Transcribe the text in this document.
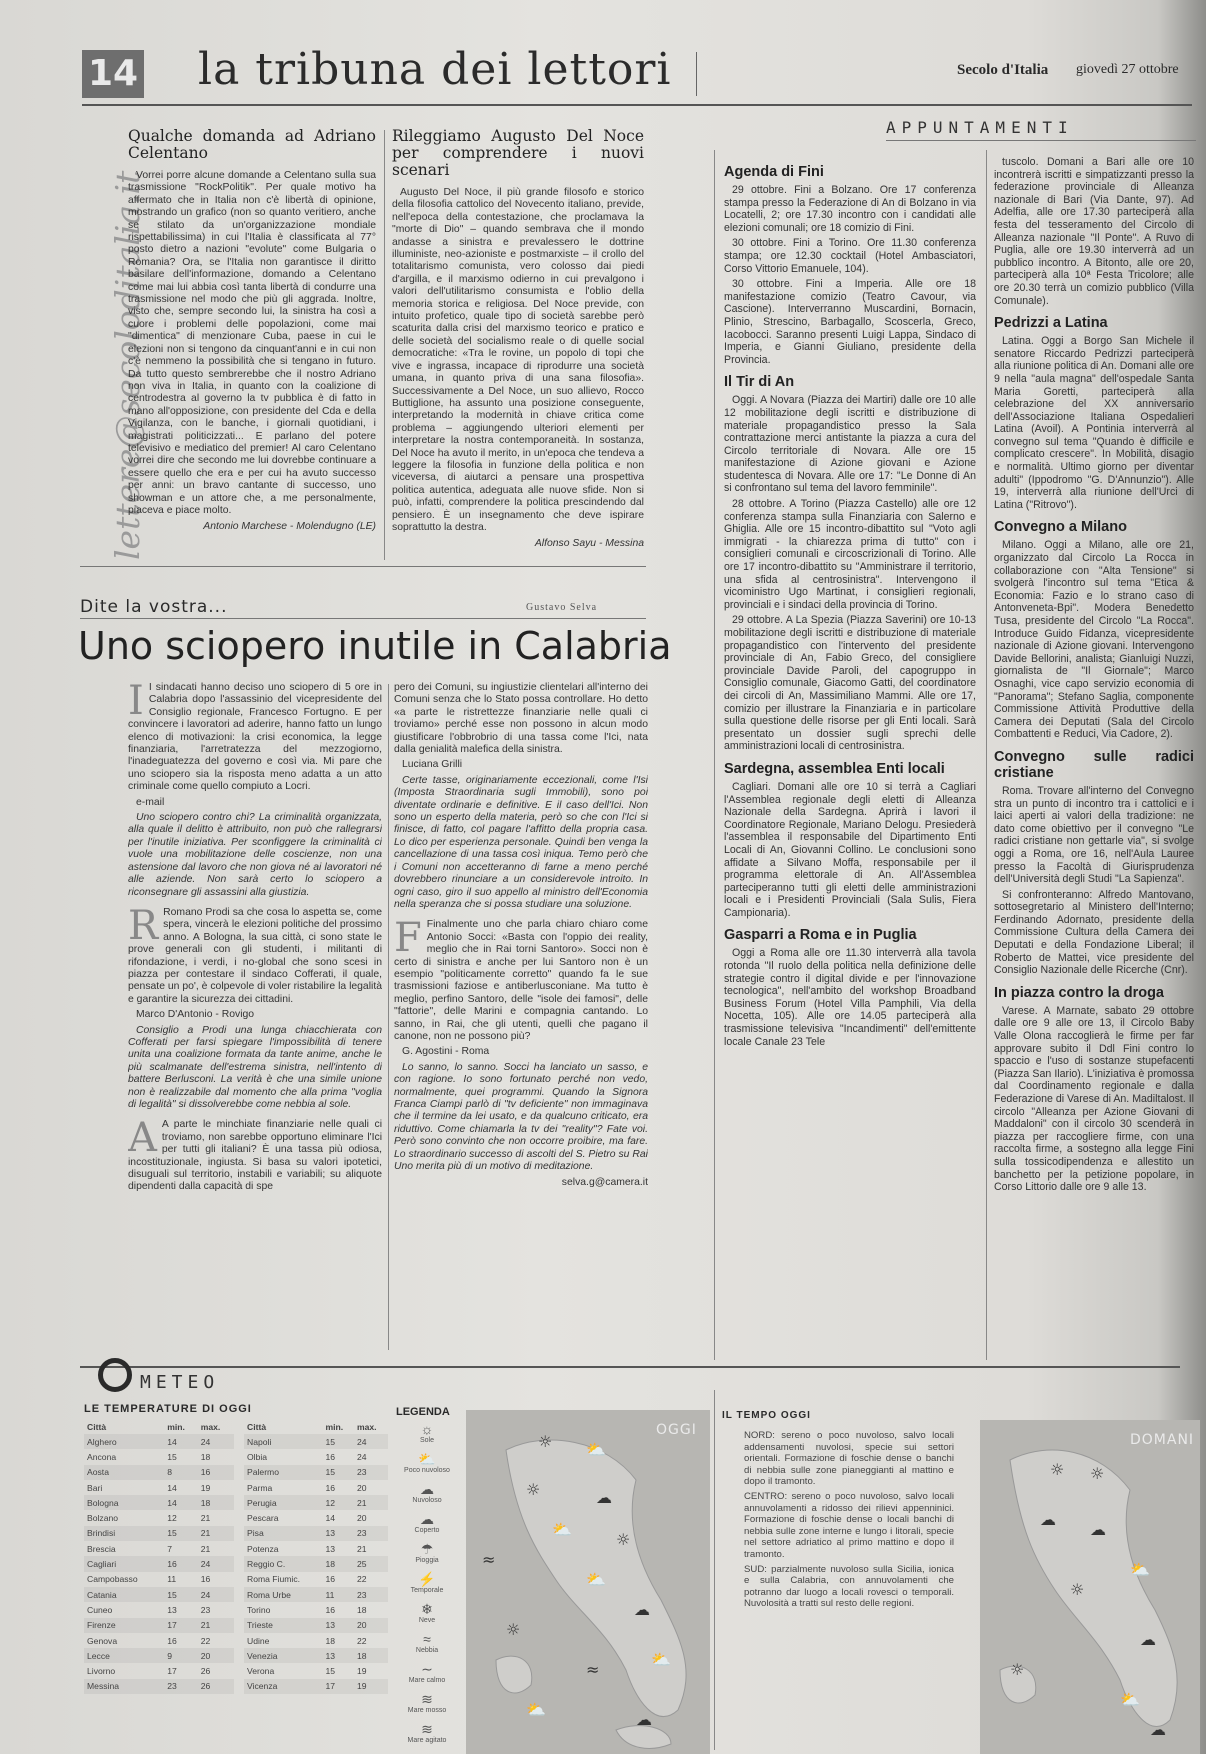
14 la tribuna dei lettori	Secolo d'Italia giovedì 27 ottobre
lettere@secoloditalia.it
Qualche domanda ad Adriano Celentano

Vorrei porre alcune domande a Celentano sulla sua trasmissione "RockPolitik". Per quale motivo ha affermato che in Italia non c'è libertà di opinione, mostrando un grafico (non so quanto veritiero, anche se stilato da un'organizzazione mondiale rispettabilissima) in cui l'Italia è classificata al 77° posto dietro a nazioni "evolute" come Bulgaria o Romania? Ora, se l'Italia non garantisce il diritto basilare dell'informazione, domando a Celentano come mai lui abbia così tanta libertà di condurre una trasmissione nel modo che più gli aggrada. Inoltre, visto che, sempre secondo lui, la sinistra ha così a cuore i problemi delle popolazioni, come mai "dimentica" di menzionare Cuba, paese in cui le elezioni non si tengono da cinquant'anni e in cui non c'è nemmeno la possibilità che si tengano in futuro. Da tutto questo sembrerebbe che il nostro Adriano non viva in Italia, in quanto con la coalizione di centrodestra al governo la tv pubblica è di fatto in mano all'opposizione, con presidente del Cda e della Vigilanza, con le banche, i giornali quotidiani, i magistrati politicizzati... E parlano del potere televisivo e mediatico del premier! Al caro Celentano vorrei dire che secondo me lui dovrebbe continuare a essere quello che era e per cui ha avuto successo per anni: un bravo cantante di successo, uno showman e un attore che, a me personalmente, piaceva e piace molto.

Antonio Marchese - Molendugno (LE)
Rileggiamo Augusto Del Noce per comprendere i nuovi scenari

Augusto Del Noce, il più grande filosofo e storico della filosofia cattolico del Novecento italiano, previde, nell'epoca della contestazione, che proclamava la "morte di Dio" – quando sembrava che il mondo andasse a sinistra e prevalessero le dottrine illuministe, neo-azioniste e postmarxiste – il crollo del totalitarismo comunista, vero colosso dai piedi d'argilla, e il marxismo odierno in cui prevalgono i valori dell'utilitarismo consumista e l'oblio della memoria storica e religiosa. Del Noce previde, con intuito profetico, quale tipo di società sarebbe però scaturita dalla crisi del marxismo teorico e pratico e delle società del socialismo reale o di quelle social democratiche: «Tra le rovine, un popolo di topi che vive e ingrassa, incapace di riprodurre una società umana, in quanto priva di una sana filosofia». Successivamente a Del Noce, un suo allievo, Rocco Buttiglione, ha assunto una posizione conseguente, interpretando la modernità in chiave critica come problema – aggiungendo ulteriori elementi per interpretare la nostra contemporaneità. In sostanza, Del Noce ha avuto il merito, in un'epoca che tendeva a leggere la filosofia in funzione della politica e non viceversa, di aiutarci a pensare una prospettiva politica autentica, adeguata alle nuove sfide. Non si può, infatti, comprendere la politica prescindendo dal pensiero. È un insegnamento che deve ispirare soprattutto la destra.

Alfonso Sayu - Messina
Dite la vostra...	Gustavo Selva
Uno sciopero inutile in Calabria

I I sindacati hanno deciso uno sciopero di 5 ore in Calabria dopo l'assassinio del vicepresidente del Consiglio regionale, Francesco Fortugno. E per convincere i lavoratori ad aderire, hanno fatto un lungo elenco di motivazioni: la crisi economica, la legge finanziaria, l'arretratezza del mezzogiorno, l'inadeguatezza del governo e così via. Mi pare che uno sciopero sia la risposta meno adatta a un atto criminale come quello compiuto a Locri.

e-mail

Uno sciopero contro chi? La criminalità organizzata, alla quale il delitto è attribuito, non può che rallegrarsi per l'inutile iniziativa. Per sconfiggere la criminalità ci vuole una mobilitazione delle coscienze, non una astensione dal lavoro che non giova né ai lavoratori né alle aziende. Non sarà certo lo sciopero a riconsegnare gli assassini alla giustizia.

R Romano Prodi sa che cosa lo aspetta se, come spera, vincerà le elezioni politiche del prossimo anno. A Bologna, la sua città, ci sono state le prove generali con gli studenti, i militanti di rifondazione, i verdi, i no-global che sono scesi in piazza per contestare il sindaco Cofferati, il quale, pensate un po', è colpevole di voler ristabilire la legalità e garantire la sicurezza dei cittadini.

Marco D'Antonio - Rovigo

Consiglio a Prodi una lunga chiacchierata con Cofferati per farsi spiegare l'impossibilità di tenere unita una coalizione formata da tante anime, anche le più scalmanate dell'estrema sinistra, nell'intento di battere Berlusconi. La verità è che una simile unione non è realizzabile dal momento che alla prima "voglia di legalità" si dissolverebbe come nebbia al sole.

A A parte le minchiate finanziarie nelle quali ci troviamo, non sarebbe opportuno eliminare l'Ici per tutti gli italiani? È una tassa più odiosa, incostituzionale, ingiusta. Si basa su valori ipotetici, disuguali sul territorio, instabili e variabili; su aliquote dipendenti dalla capacità di spe

pero dei Comuni, su ingiustizie clientelari all'interno dei Comuni senza che lo Stato possa controllare. Ho detto «a parte le ristrettezze finanziarie nelle quali ci troviamo» perché esse non possono in alcun modo giustificare l'obbrobrio di una tassa come l'Ici, nata dalla genialità malefica della sinistra.

Luciana Grilli

Certe tasse, originariamente eccezionali, come l'Isi (Imposta Straordinaria sugli Immobili), sono poi diventate ordinarie e definitive. E il caso dell'Ici. Non sono un esperto della materia, però so che con l'Ici si finisce, di fatto, col pagare l'affitto della propria casa. Lo dico per esperienza personale. Quindi ben venga la cancellazione di una tassa così iniqua. Temo però che i Comuni non accetteranno di farne a meno perché dovrebbero rinunciare a un considerevole introito. In ogni caso, giro il suo appello al ministro dell'Economia nella speranza che si possa studiare una soluzione.

F Finalmente uno che parla chiaro chiaro come Antonio Socci: «Basta con l'oppio dei reality, meglio che in Rai torni Santoro». Socci non è certo di sinistra e anche per lui Santoro non è un esempio "politicamente corretto" quando fa le sue trasmissioni faziose e antiberlusconiane. Ma tutto è meglio, perfino Santoro, delle "isole dei famosi", delle "fattorie", delle Marini e compagnia cantando. Lo sanno, in Rai, che gli utenti, quelli che pagano il canone, non ne possono più?

G. Agostini - Roma

Lo sanno, lo sanno. Socci ha lanciato un sasso, e con ragione. Io sono fortunato perché non vedo, normalmente, quei programmi. Quando la Signora Franca Ciampi parlò di "tv deficiente" non immaginava che il termine da lei usato, e da qualcuno criticato, era riduttivo. Come chiamarla la tv dei "reality"? Fate voi. Però sono convinto che non occorre proibire, ma fare. Lo straordinario successo di ascolti del S. Pietro su Rai Uno merita più di un motivo di meditazione.

selva.g@camera.it
APPUNTAMENTI
Agenda di Fini

29 ottobre. Fini a Bolzano. Ore 17 conferenza stampa presso la Federazione di An di Bolzano in via Locatelli, 2; ore 17.30 incontro con i candidati alle elezioni comunali; ore 18 comizio di Fini.

30 ottobre. Fini a Torino. Ore 11.30 conferenza stampa; ore 12.30 cocktail (Hotel Ambasciatori, Corso Vittorio Emanuele, 104).

30 ottobre. Fini a Imperia. Alle ore 18 manifestazione comizio (Teatro Cavour, via Cascione). Interverranno Muscardini, Bornacin, Plinio, Strescino, Barbagallo, Scoscerla, Greco, Iacobocci. Saranno presenti Luigi Lappa, Sindaco di Imperia, e Gianni Giuliano, presidente della Provincia.

Il Tir di An

Oggi. A Novara (Piazza dei Martiri) dalle ore 10 alle 12 mobilitazione degli iscritti e distribuzione di materiale propagandistico presso la Sala contrattazione merci antistante la piazza a cura del Circolo territoriale di Novara. Alle ore 15 manifestazione di Azione giovani e Azione studentesca di Novara. Alle ore 17: "Le Donne di An si confrontano sul tema del lavoro femminile".

28 ottobre. A Torino (Piazza Castello) alle ore 12 conferenza stampa sulla Finanziaria con Salerno e Ghiglia. Alle ore 15 incontro-dibattito sul "Voto agli immigrati - la chiarezza prima di tutto" con i consiglieri comunali e circoscrizionali di Torino. Alle ore 17 incontro-dibattito su "Amministrare il territorio, una sfida al centrosinistra". Intervengono il vicoministro Ugo Martinat, i consiglieri regionali, provinciali e i sindaci della provincia di Torino.

29 ottobre. A La Spezia (Piazza Saverini) ore 10-13 mobilitazione degli iscritti e distribuzione di materiale propagandistico con l'intervento del presidente provinciale di An, Fabio Greco, del consigliere provinciale Davide Paroli, del capogruppo in Consiglio comunale, Giacomo Gatti, del coordinatore dei circoli di An, Massimiliano Mammi. Alle ore 17, comizio per illustrare la Finanziaria e in particolare sulla questione delle risorse per gli Enti locali. Sarà presentato un dossier sugli sprechi delle amministrazioni locali di centrosinistra.

Sardegna, assemblea Enti locali

Cagliari. Domani alle ore 10 si terrà a Cagliari l'Assemblea regionale degli eletti di Alleanza Nazionale della Sardegna. Aprirà i lavori il Coordinatore Regionale, Mariano Delogu. Presiederà l'assemblea il responsabile del Dipartimento Enti Locali di An, Giovanni Collino. Le conclusioni sono affidate a Silvano Moffa, responsabile per il programma elettorale di An. All'Assemblea parteciperanno tutti gli eletti delle amministrazioni locali e i Presidenti Provinciali (Sala Sulis, Fiera Campionaria).

Gasparri a Roma e in Puglia

Oggi a Roma alle ore 11.30 interverrà alla tavola rotonda "Il ruolo della politica nella definizione delle strategie contro il digital divide e per l'innovazione tecnologica", nell'ambito del workshop Broadband Business Forum (Hotel Villa Pamphili, Via della Nocetta, 105). Alle ore 14.05 parteciperà alla trasmissione televisiva "Incandimenti" dell'emittente locale Canale 23 Tele

tuscolo. Domani a Bari alle ore 10 incontrerà iscritti e simpatizzanti presso la federazione provinciale di Alleanza nazionale di Bari (Via Dante, 97). Ad Adelfia, alle ore 17.30 parteciperà alla festa del tesseramento del Circolo di Alleanza nazionale "Il Ponte". A Ruvo di Puglia, alle ore 19.30 interverrà ad un pubblico incontro. A Bitonto, alle ore 20, parteciperà alla 10ª Festa Tricolore; alle ore 20.30 terrà un comizio pubblico (Villa Comunale).

Pedrizzi a Latina

Latina. Oggi a Borgo San Michele il senatore Riccardo Pedrizzi parteciperà alla riunione politica di An. Domani alle ore 9 nella "aula magna" dell'ospedale Santa Maria Goretti, parteciperà alla celebrazione del XX anniversario dell'Associazione Italiana Ospedalieri Latina (Avoil). A Pontinia interverrà al convegno sul tema "Quando è difficile e complicato crescere". In Mobilità, disagio e normalità. Ultimo giorno per diventar adulti" (Ippodromo "G. D'Annunzio"). Alle 19, interverrà alla riunione dell'Urci di Latina ("Ritrovo").

Convegno a Milano

Milano. Oggi a Milano, alle ore 21, organizzato dal Circolo La Rocca in collaborazione con "Alta Tensione" si svolgerà l'incontro sul tema "Etica & Economia: Fazio e lo strano caso di Antonveneta-Bpi". Modera Benedetto Tusa, presidente del Circolo "La Rocca". Introduce Guido Fidanza, vicepresidente nazionale di Azione giovani. Intervengono Davide Bellorini, analista; Gianluigi Nuzzi, giornalista de "Il Giornale"; Marco Osnaghi, vice capo servizio economia di "Panorama"; Stefano Saglia, componente Commissione Attività Produttive della Camera dei Deputati (Sala del Circolo Combattenti e Reduci, Via Cadore, 2).

Convegno sulle radici cristiane

Roma. Trovare all'interno del Convegno stra un punto di incontro tra i cattolici e i laici aperti ai valori della tradizione: ne dato come obiettivo per il convegno "Le radici cristiane non gettarle via", si svolge oggi a Roma, ore 16, nell'Aula Lauree presso la Facoltà di Giurisprudenza dell'Università degli Studi "La Sapienza".

Si confronteranno: Alfredo Mantovano, sottosegretario al Ministero dell'Interno; Ferdinando Adornato, presidente della Commissione Cultura della Camera dei Deputati e della Fondazione Liberal; il Roberto de Mattei, vice presidente del Consiglio Nazionale delle Ricerche (Cnr).

In piazza contro la droga

Varese. A Marnate, sabato 29 ottobre dalle ore 9 alle ore 13, il Circolo Baby Valle Olona raccoglierà le firme per far approvare subito il Ddl Fini contro lo spaccio e l'uso di sostanze stupefacenti (Piazza San Ilario). L'iniziativa è promossa dal Coordinamento regionale e dalla Federazione di Varese di An. Madiltalost. Il circolo "Alleanza per Azione Giovani di Maddaloni" con il circolo 30 scenderà in piazza per raccogliere firme, con una raccolta firme, a sostegno alla legge Fini sulla tossicodipendenza e allestito un banchetto per la petizione popolare, in Corso Littorio dalle ore 9 alle 13.

METEO
LE TEMPERATURE DI OGGI
Città	min.	max.
Alghero	14	24
Ancona	15	18
Aosta	8	16
Bari	14	19
Bologna	14	18
Bolzano	12	21
Brindisi	15	21
Brescia	7	21
Cagliari	16	24
Campobasso	11	16
Catania	15	24
Cuneo	13	23
Firenze	17	21
Genova	16	22
Lecce	9	20
Livorno	17	26
Messina	23	26
Città	min.	max.
Napoli	15	24
Olbia	16	24
Palermo	15	23
Parma	16	20
Perugia	12	21
Pescara	14	20
Pisa	13	23
Potenza	13	21
Reggio C.	18	25
Roma Fiumic.	16	22
Roma Urbe	11	23
Torino	16	18
Trieste	13	20
Udine	18	22
Venezia	13	18
Verona	15	19
Vicenza	17	19
LEGENDA
☼
Sole
⛅
Poco nuvoloso
☁
Nuvoloso
☁
Coperto
☂
Pioggia
⚡
Temporale
❄
Neve
≈
Nebbia
∼
Mare calmo
≋
Mare mosso
≋
Mare agitato
OGGI
☼ ⛅
☼	☁
⛅
☼
≈
⛅
☁
☼
⛅
≈
⛅
☁
IL TEMPO OGGI

NORD: sereno o poco nuvoloso, salvo locali addensamenti nuvolosi, specie sui settori orientali. Formazione di foschie dense o banchi di nebbia sulle zone pianeggianti al mattino e dopo il tramonto.

CENTRO: sereno o poco nuvoloso, salvo locali annuvolamenti a ridosso dei rilievi appenninici. Formazione di foschie dense o locali banchi di nebbia sulle zone interne e lungo i litorali, specie nel settore adriatico al primo mattino e dopo il tramonto.

SUD: parzialmente nuvoloso sulla Sicilia, ionica e sulla Calabria, con annuvolamenti che potranno dar luogo a locali rovesci o temporali. Nuvolosità a tratti sul resto delle regioni.

DOMANI
☼ ☼
☁
☁
⛅
☼
☁
☼
⛅
☁
